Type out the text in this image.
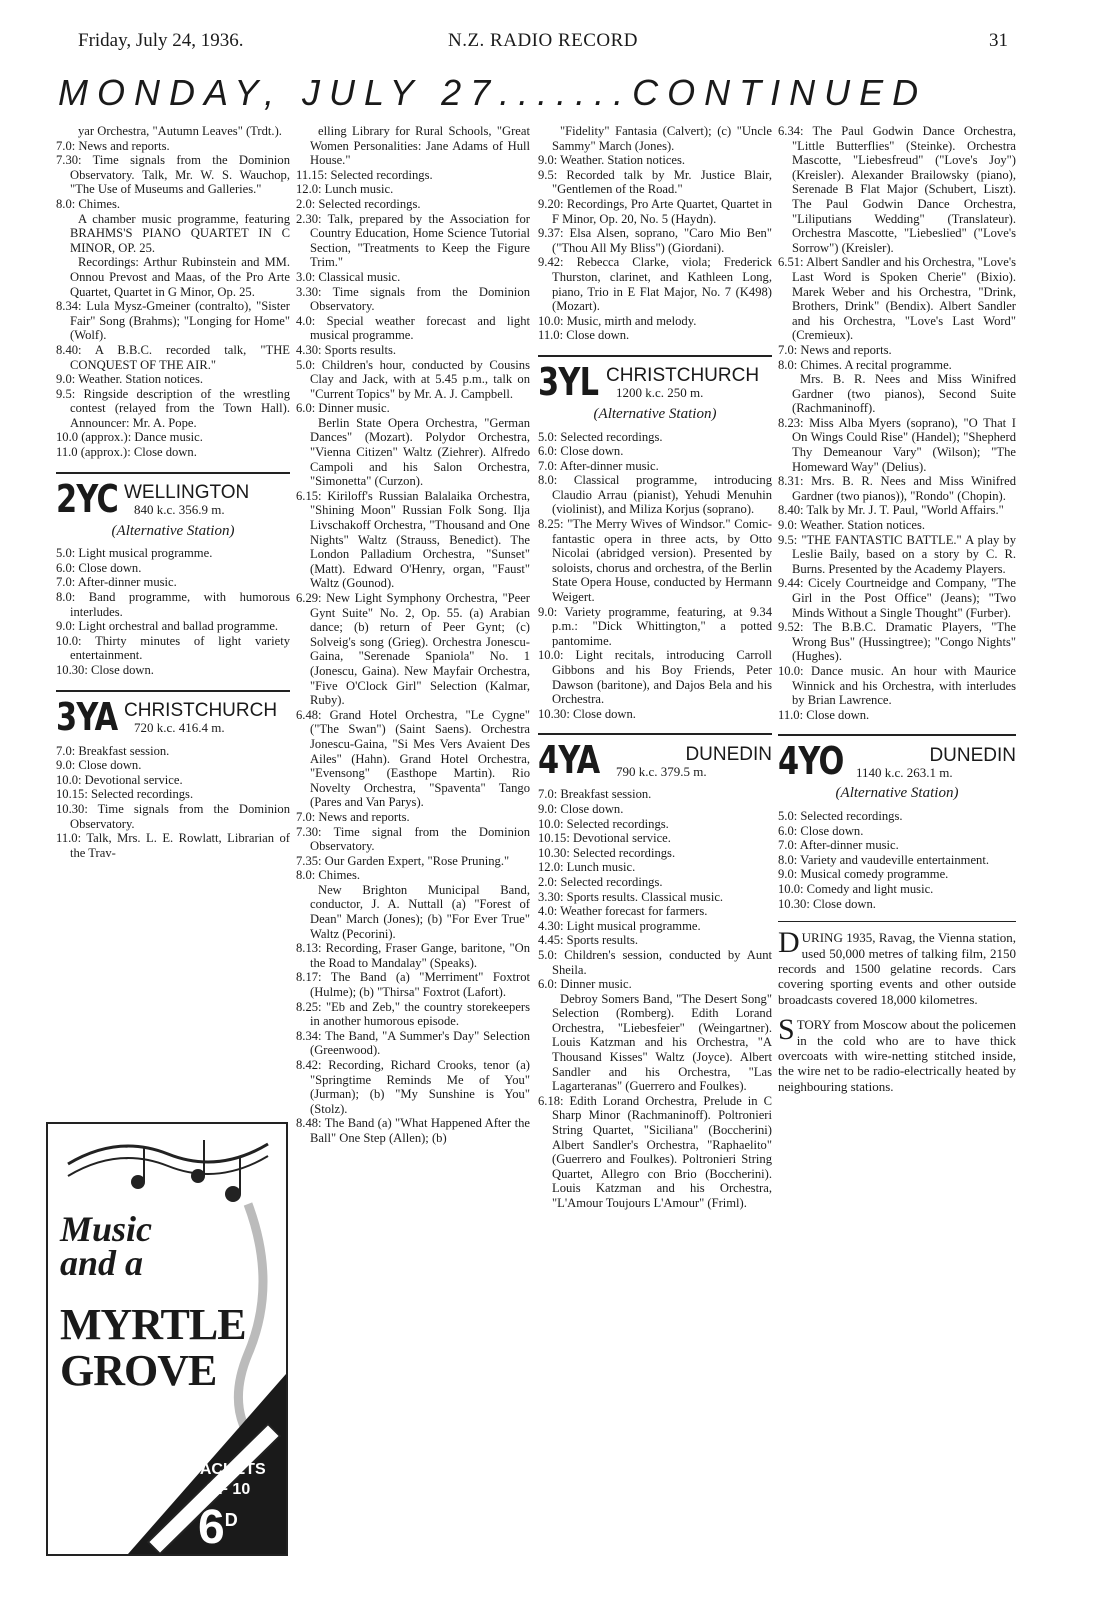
Friday, July 24, 1936.	N.Z. RADIO RECORD	31
MONDAY, JULY 27.......CONTINUED

yar Orchestra, "Autumn Leaves" (Trdt.).

7.0: News and reports.

7.30: Time signals from the Dominion Observatory. Talk, Mr. W. S. Wauchop, "The Use of Museums and Galleries."

8.0: Chimes.

A chamber music programme, featuring BRAHMS'S PIANO QUARTET IN C MINOR, OP. 25.

Recordings: Arthur Rubinstein and MM. Onnou Prevost and Maas, of the Pro Arte Quartet, Quartet in G Minor, Op. 25.

8.34: Lula Mysz-Gmeiner (contralto), "Sister Fair" Song (Brahms); "Longing for Home" (Wolf).

8.40: A B.B.C. recorded talk, "THE CONQUEST OF THE AIR."

9.0: Weather. Station notices.

9.5: Ringside description of the wrestling contest (relayed from the Town Hall). Announcer: Mr. A. Pope.

10.0 (approx.): Dance music.

11.0 (approx.): Close down.

2YC WELLINGTON
840 k.c. 356.9 m.
(Alternative Station)

5.0: Light musical programme.

6.0: Close down.

7.0: After-dinner music.

8.0: Band programme, with humorous interludes.

9.0: Light orchestral and ballad programme.

10.0: Thirty minutes of light variety entertainment.

10.30: Close down.

3YA CHRISTCHURCH
720 k.c. 416.4 m.

7.0: Breakfast session.

9.0: Close down.

10.0: Devotional service.

10.15: Selected recordings.

10.30: Time signals from the Dominion Observatory.

11.0: Talk, Mrs. L. E. Rowlatt, Librarian of the Trav-

Music
and a
MYRTLE
GROVE
PACKETS
OF 10
$6^D$

elling Library for Rural Schools, "Great Women Personalities: Jane Adams of Hull House."

11.15: Selected recordings.

12.0: Lunch music.

2.0: Selected recordings.

2.30: Talk, prepared by the Association for Country Education, Home Science Tutorial Section, "Treatments to Keep the Figure Trim."

3.0: Classical music.

3.30: Time signals from the Dominion Observatory.

4.0: Special weather forecast and light musical programme.

4.30: Sports results.

5.0: Children's hour, conducted by Cousins Clay and Jack, with at 5.45 p.m., talk on "Current Topics" by Mr. A. J. Campbell.

6.0: Dinner music.

Berlin State Opera Orchestra, "German Dances" (Mozart). Polydor Orchestra, "Vienna Citizen" Waltz (Ziehrer). Alfredo Campoli and his Salon Orchestra, "Simonetta" (Curzon).

6.15: Kiriloff's Russian Balalaika Orchestra, "Shining Moon" Russian Folk Song. Ilja Livschakoff Orchestra, "Thousand and One Nights" Waltz (Strauss, Benedict). The London Palladium Orchestra, "Sunset" (Matt). Edward O'Henry, organ, "Faust" Waltz (Gounod).

6.29: New Light Symphony Orchestra, "Peer Gynt Suite" No. 2, Op. 55. (a) Arabian dance; (b) return of Peer Gynt; (c) Solveig's song (Grieg). Orchestra Jonescu-Gaina, "Serenade Spaniola" No. 1 (Jonescu, Gaina). New Mayfair Orchestra, "Five O'Clock Girl" Selection (Kalmar, Ruby).

6.48: Grand Hotel Orchestra, "Le Cygne" ("The Swan") (Saint Saens). Orchestra Jonescu-Gaina, "Si Mes Vers Avaient Des Ailes" (Hahn). Grand Hotel Orchestra, "Evensong" (Easthope Martin). Rio Novelty Orchestra, "Spaventa" Tango (Pares and Van Parys).

7.0: News and reports.

7.30: Time signal from the Dominion Observatory.

7.35: Our Garden Expert, "Rose Pruning."

8.0: Chimes.

New Brighton Municipal Band, conductor, J. A. Nuttall (a) "Forest of Dean" March (Jones); (b) "For Ever True" Waltz (Pecorini).

8.13: Recording, Fraser Gange, baritone, "On the Road to Mandalay" (Speaks).

8.17: The Band (a) "Merriment" Foxtrot (Hulme); (b) "Thirsa" Foxtrot (Lafort).

8.25: "Eb and Zeb," the country storekeepers in another humorous episode.

8.34: The Band, "A Summer's Day" Selection (Greenwood).

8.42: Recording, Richard Crooks, tenor (a) "Springtime Reminds Me of You" (Jurman); (b) "My Sunshine is You" (Stolz).

8.48: The Band (a) "What Happened After the Ball" One Step (Allen); (b)

"Fidelity" Fantasia (Calvert); (c) "Uncle Sammy" March (Jones).

9.0: Weather. Station notices.

9.5: Recorded talk by Mr. Justice Blair, "Gentlemen of the Road."

9.20: Recordings, Pro Arte Quartet, Quartet in F Minor, Op. 20, No. 5 (Haydn).

9.37: Elsa Alsen, soprano, "Caro Mio Ben" ("Thou All My Bliss") (Giordani).

9.42: Rebecca Clarke, viola; Frederick Thurston, clarinet, and Kathleen Long, piano, Trio in E Flat Major, No. 7 (K498) (Mozart).

10.0: Music, mirth and melody.

11.0: Close down.

3YL CHRISTCHURCH
1200 k.c. 250 m.
(Alternative Station)

5.0: Selected recordings.

6.0: Close down.

7.0: After-dinner music.

8.0: Classical programme, introducing Claudio Arrau (pianist), Yehudi Menuhin (violinist), and Miliza Korjus (soprano).

8.25: "The Merry Wives of Windsor." Comic-fantastic opera in three acts, by Otto Nicolai (abridged version). Presented by soloists, chorus and orchestra, of the Berlin State Opera House, conducted by Hermann Weigert.

9.0: Variety programme, featuring, at 9.34 p.m.: "Dick Whittington," a potted pantomime.

10.0: Light recitals, introducing Carroll Gibbons and his Boy Friends, Peter Dawson (baritone), and Dajos Bela and his Orchestra.

10.30: Close down.

4YA	DUNEDIN
790 k.c. 379.5 m.

7.0: Breakfast session.

9.0: Close down.

10.0: Selected recordings.

10.15: Devotional service.

10.30: Selected recordings.

12.0: Lunch music.

2.0: Selected recordings.

3.30: Sports results. Classical music.

4.0: Weather forecast for farmers.

4.30: Light musical programme.

4.45: Sports results.

5.0: Children's session, conducted by Aunt Sheila.

6.0: Dinner music.

Debroy Somers Band, "The Desert Song" Selection (Romberg). Edith Lorand Orchestra, "Liebesfeier" (Weingartner). Louis Katzman and his Orchestra, "A Thousand Kisses" Waltz (Joyce). Albert Sandler and his Orchestra, "Las Lagarteranas" (Guerrero and Foulkes).

6.18: Edith Lorand Orchestra, Prelude in C Sharp Minor (Rachmaninoff). Poltronieri String Quartet, "Siciliana" (Boccherini) Albert Sandler's Orchestra, "Raphaelito" (Guerrero and Foulkes). Poltronieri String Quartet, Allegro con Brio (Boccherini). Louis Katzman and his Orchestra, "L'Amour Toujours L'Amour" (Friml).

6.34: The Paul Godwin Dance Orchestra, "Little Butterflies" (Steinke). Orchestra Mascotte, "Liebesfreud" ("Love's Joy") (Kreisler). Alexander Brailowsky (piano), Serenade B Flat Major (Schubert, Liszt). The Paul Godwin Dance Orchestra, "Liliputians Wedding" (Translateur). Orchestra Mascotte, "Liebeslied" ("Love's Sorrow") (Kreisler).

6.51: Albert Sandler and his Orchestra, "Love's Last Word is Spoken Cherie" (Bixio). Marek Weber and his Orchestra, "Drink, Brothers, Drink" (Bendix). Albert Sandler and his Orchestra, "Love's Last Word" (Cremieux).

7.0: News and reports.

8.0: Chimes. A recital programme.

Mrs. B. R. Nees and Miss Winifred Gardner (two pianos), Second Suite (Rachmaninoff).

8.23: Miss Alba Myers (soprano), "O That I On Wings Could Rise" (Handel); "Shepherd Thy Demeanour Vary" (Wilson); "The Homeward Way" (Delius).

8.31: Mrs. B. R. Nees and Miss Winifred Gardner (two pianos)), "Rondo" (Chopin).

8.40: Talk by Mr. J. T. Paul, "World Affairs."

9.0: Weather. Station notices.

9.5: "THE FANTASTIC BATTLE." A play by Leslie Baily, based on a story by C. R. Burns. Presented by the Academy Players.

9.44: Cicely Courtneidge and Company, "The Girl in the Post Office" (Jeans); "Two Minds Without a Single Thought" (Furber).

9.52: The B.B.C. Dramatic Players, "The Wrong Bus" (Hussingtree); "Congo Nights" (Hughes).

10.0: Dance music. An hour with Maurice Winnick and his Orchestra, with interludes by Brian Lawrence.

11.0: Close down.

4YO	DUNEDIN
1140 k.c. 263.1 m.
(Alternative Station)

5.0: Selected recordings.

6.0: Close down.

7.0: After-dinner music.

8.0: Variety and vaudeville entertainment.

9.0: Musical comedy programme.

10.0: Comedy and light music.

10.30: Close down.

DURING 1935, Ravag, the Vienna station, used 50,000 metres of talking film, 2150 records and 1500 gelatine records. Cars covering sporting events and other outside broadcasts covered 18,000 kilometres.
STORY from Moscow about the policemen in the cold who are to have thick overcoats with wire-netting stitched inside, the wire net to be radio-electrically heated by neighbouring stations.
